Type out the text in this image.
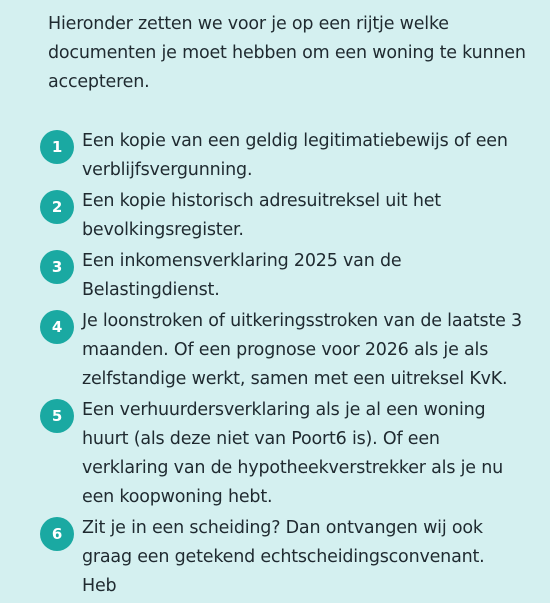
Hieronder zetten we voor je op een rijtje welke documenten je moet hebben om een woning te kunnen accepteren.

1	Een kopie van een geldig legitimatiebewijs of een verblijfsvergunning.
2	Een kopie historisch adresuitreksel uit het bevolkingsregister.
3	Een inkomensverklaring 2025 van de Belastingdienst.
4	Je loonstroken of uitkeringsstroken van de laatste 3 maanden. Of een prognose voor 2026 als je als zelfstandige werkt, samen met een uitreksel KvK.
5	Een verhuurdersverklaring als je al een woning huurt (als deze niet van Poort6 is). Of een verklaring van de hypotheekverstrekker als je nu een koopwoning hebt.
6	Zit je in een scheiding? Dan ontvangen wij ook graag een getekend echtscheidingsconvenant. Heb
